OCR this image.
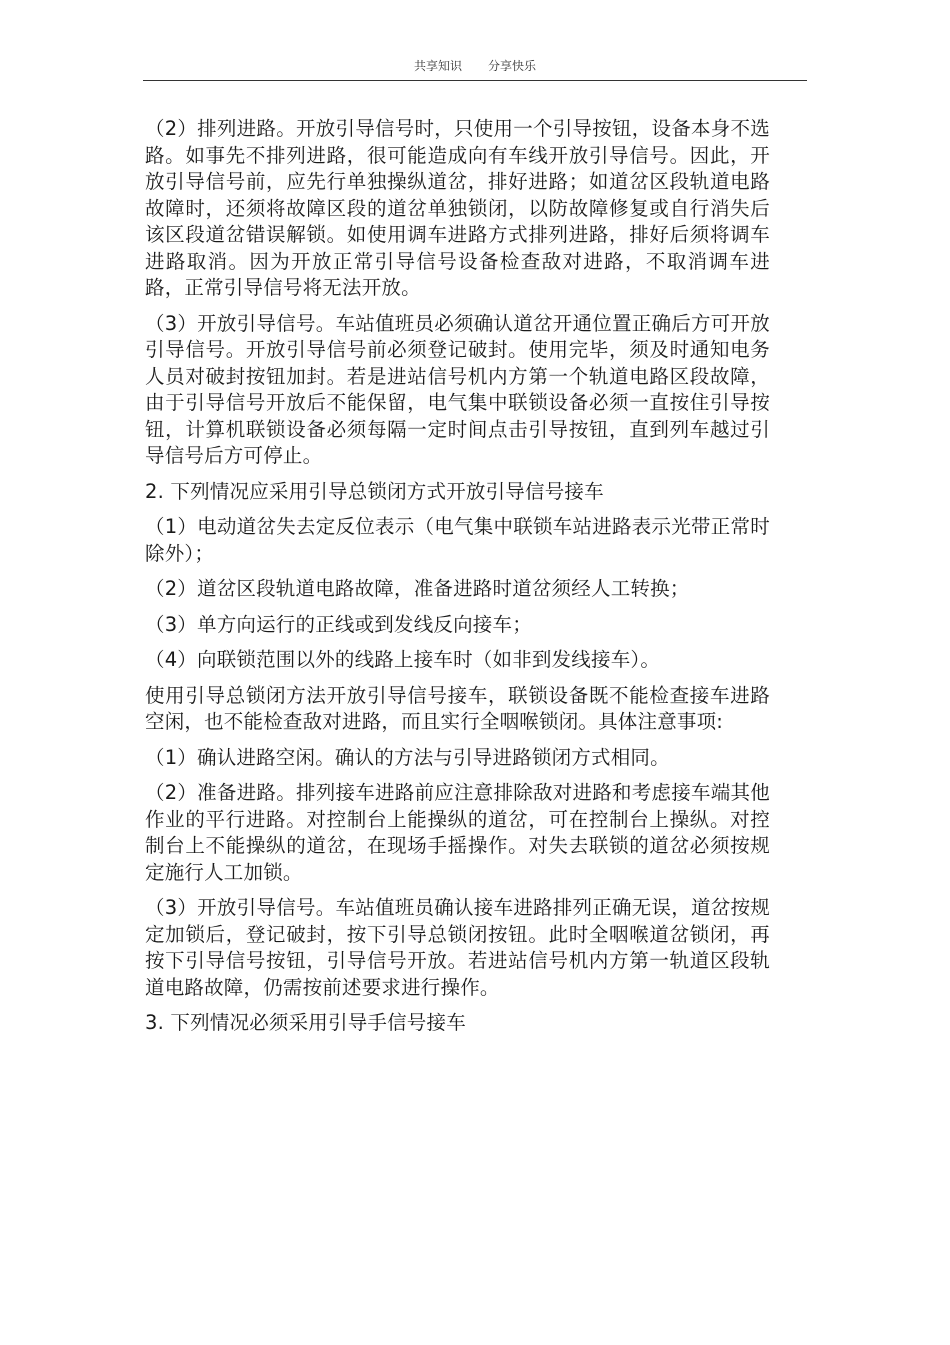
共享知识 分享快乐

（2）排列进路。开放引导信号时，只使用一个引导按钮，设备本身不选路。如事先不排列进路，很可能造成向有车线开放引导信号。因此，开放引导信号前，应先行单独操纵道岔，排好进路；如道岔区段轨道电路故障时，还须将故障区段的道岔单独锁闭，以防故障修复或自行消失后该区段道岔错误解锁。如使用调车进路方式排列进路，排好后须将调车进路取消。因为开放正常引导信号设备检查敌对进路，不取消调车进路，正常引导信号将无法开放。

（3）开放引导信号。车站值班员必须确认道岔开通位置正确后方可开放引导信号。开放引导信号前必须登记破封。使用完毕，须及时通知电务人员对破封按钮加封。若是进站信号机内方第一个轨道电路区段故障，由于引导信号开放后不能保留，电气集中联锁设备必须一直按住引导按钮，计算机联锁设备必须每隔一定时间点击引导按钮，直到列车越过引导信号后方可停止。

2. 下列情况应采用引导总锁闭方式开放引导信号接车

（1）电动道岔失去定反位表示（电气集中联锁车站进路表示光带正常时除外）；

（2）道岔区段轨道电路故障，准备进路时道岔须经人工转换；

（3）单方向运行的正线或到发线反向接车；

（4）向联锁范围以外的线路上接车时（如非到发线接车）。

使用引导总锁闭方法开放引导信号接车，联锁设备既不能检查接车进路空闲，也不能检查敌对进路，而且实行全咽喉锁闭。具体注意事项:

（1）确认进路空闲。确认的方法与引导进路锁闭方式相同。

（2）准备进路。排列接车进路前应注意排除敌对进路和考虑接车端其他作业的平行进路。对控制台上能操纵的道岔，可在控制台上操纵。对控制台上不能操纵的道岔，在现场手摇操作。对失去联锁的道岔必须按规定施行人工加锁。

（3）开放引导信号。车站值班员确认接车进路排列正确无误，道岔按规定加锁后，登记破封，按下引导总锁闭按钮。此时全咽喉道岔锁闭，再按下引导信号按钮，引导信号开放。若进站信号机内方第一轨道区段轨道电路故障，仍需按前述要求进行操作。

3. 下列情况必须采用引导手信号接车
